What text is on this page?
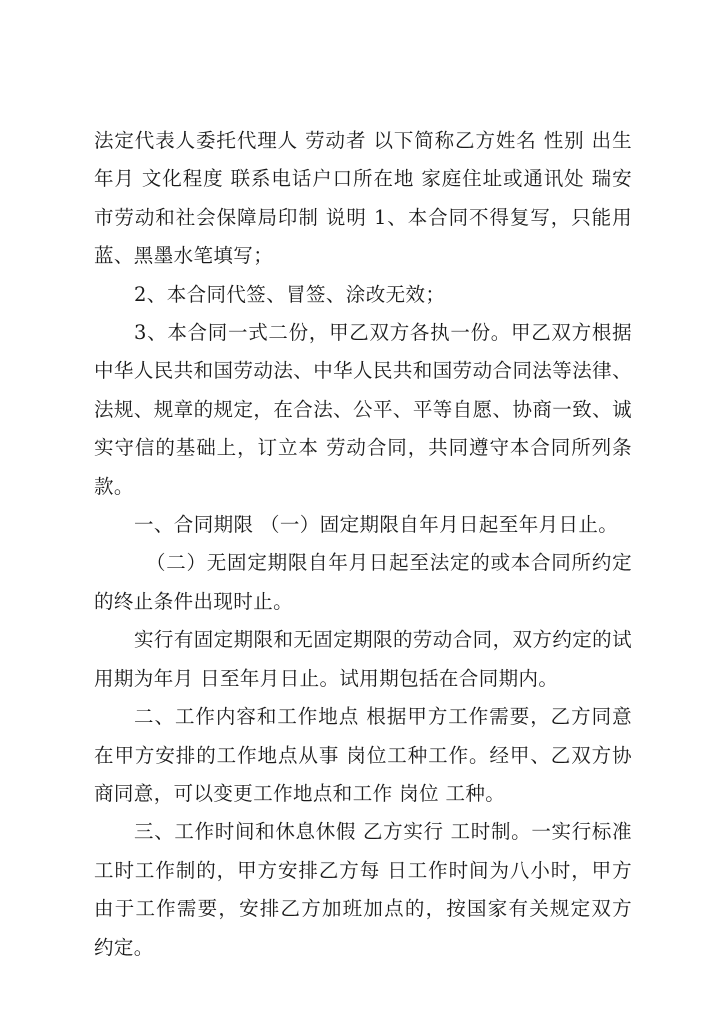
法定代表人委托代理人 劳动者 以下简称乙方姓名 性别 出生年月 文化程度 联系电话户口所在地 家庭住址或通讯处 瑞安市劳动和社会保障局印制 说明 1、本合同不得复写，只能用蓝、黑墨水笔填写；

2、本合同代签、冒签、涂改无效；

3、本合同一式二份，甲乙双方各执一份。甲乙双方根据中华人民共和国劳动法、中华人民共和国劳动合同法等法律、 法规、规章的规定，在合法、公平、平等自愿、协商一致、诚实守信的基础上，订立本 劳动合同，共同遵守本合同所列条款。

一、合同期限 （一）固定期限自年月日起至年月日止。

（二）无固定期限自年月日起至法定的或本合同所约定的终止条件出现时止。

实行有固定期限和无固定期限的劳动合同，双方约定的试用期为年月 日至年月日止。试用期包括在合同期内。

二、工作内容和工作地点 根据甲方工作需要，乙方同意在甲方安排的工作地点从事 岗位工种工作。经甲、乙双方协商同意，可以变更工作地点和工作 岗位 工种。

三、工作时间和休息休假 乙方实行 工时制。一实行标准工时工作制的，甲方安排乙方每 日工作时间为八小时，甲方由于工作需要，安排乙方加班加点的，按国家有关规定双方 约定。
